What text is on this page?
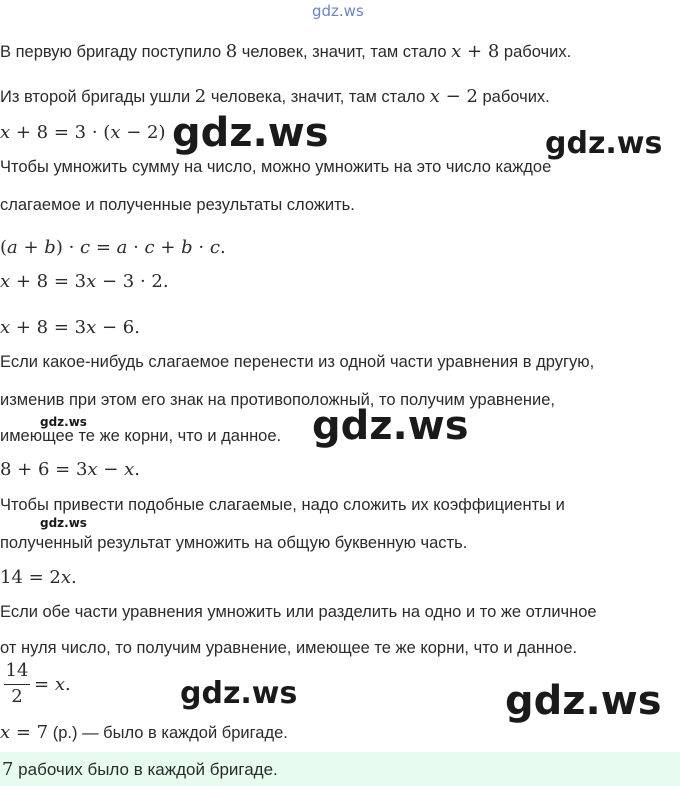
gdz.ws
В первую бригаду поступило 8 человек, значит, там стало x + 8 рабочих.
Из второй бригады ушли 2 человека, значит, там стало x − 2 рабочих.
x + 8 = 3 · (x − 2) gdz.ws	gdz.ws
Чтобы умножить сумму на число, можно умножить на это число каждое
слагаемое и полученные результаты сложить.
(a + b) · c = a · c + b · c.
x + 8 = 3x − 3 · 2.
x + 8 = 3x − 6.
Если какое-нибудь слагаемое перенести из одной части уравнения в другую,
изменив при этом его знак на противоположный, то получим уравнение,
gdz.ws
имеющее те же корни, что и данное. gdz.ws
8 + 6 = 3x − x.
Чтобы привести подобные слагаемые, надо сложить их коэффициенты и
gdz.ws
полученный результат умножить на общую буквенную часть.
14 = 2x.
Если обе части уравнения умножить или разделить на одно и то же отличное
от нуля число, то получим уравнение, имеющее те же корни, что и данное.
14
2
= x.	gdz.ws	gdz.ws
x = 7 (р.) — было в каждой бригаде.
7 рабочих было в каждой бригаде.
